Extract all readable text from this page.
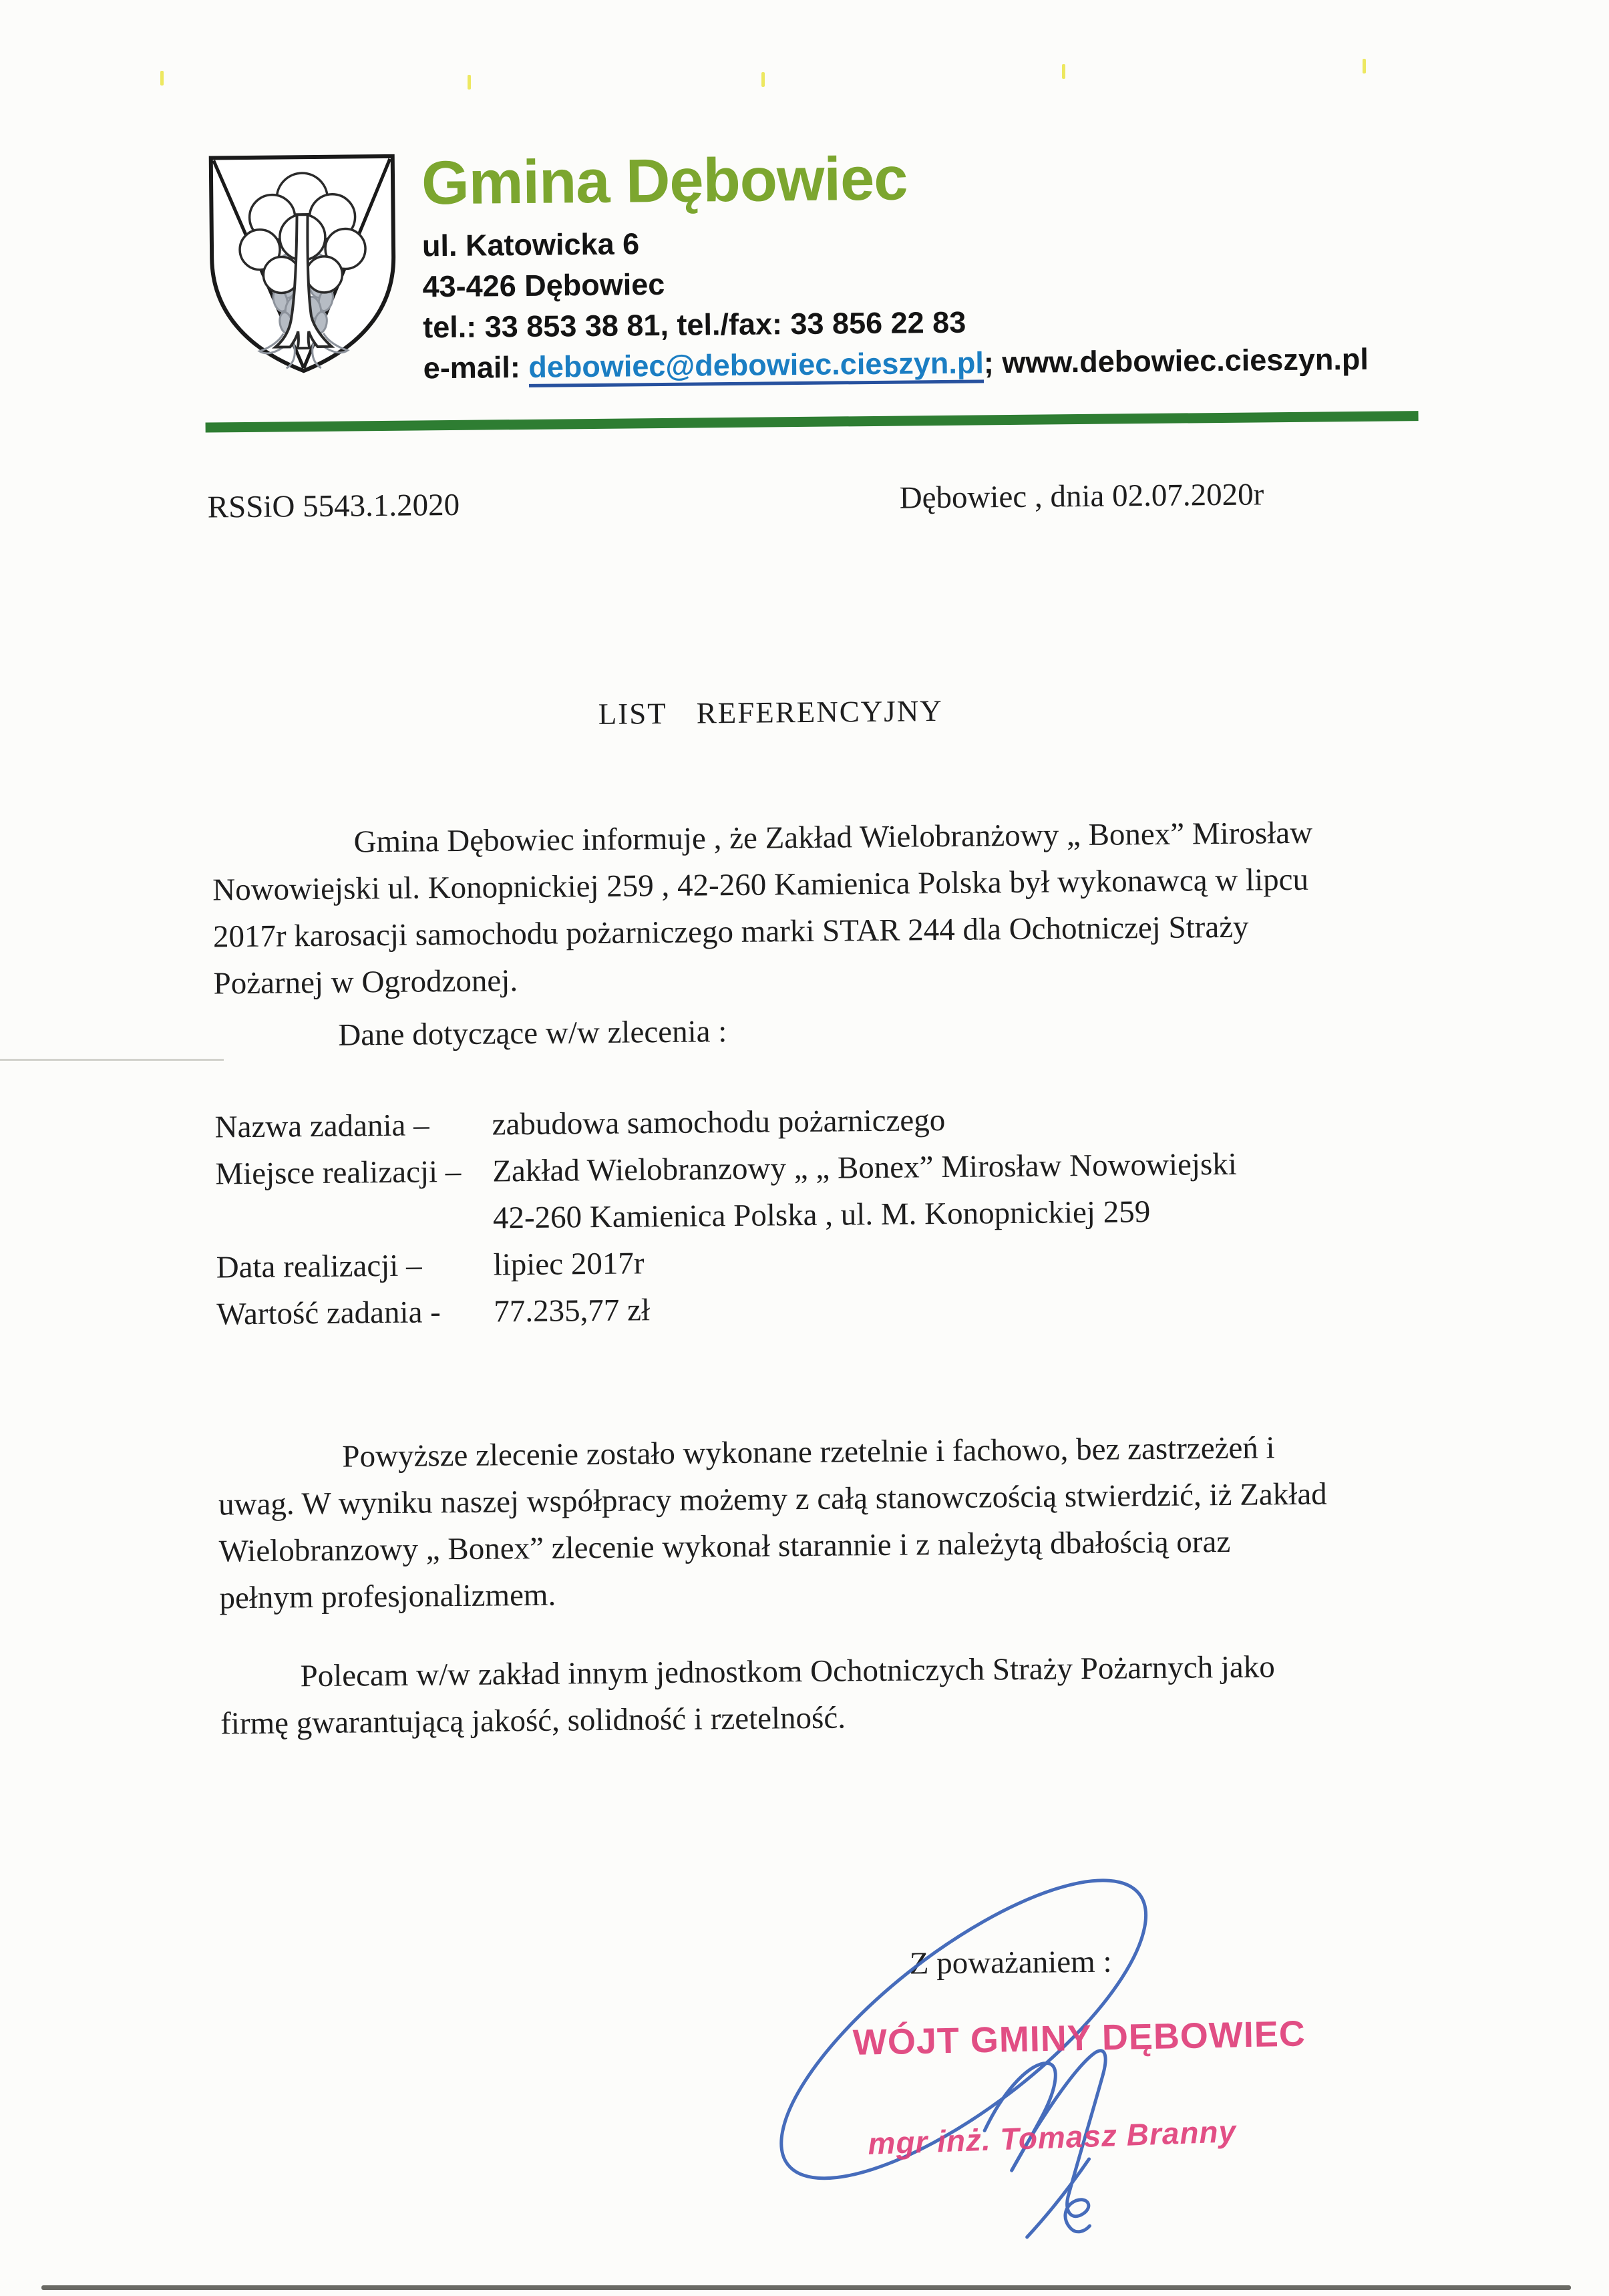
Gmina Dębowiec
ul. Katowicka 6
43-426 Dębowiec
tel.: 33 853 38 81, tel./fax: 33 856 22 83
e-mail: debowiec@debowiec.cieszyn.pl; www.debowiec.cieszyn.pl
RSSiO 5543.1.2020	Dębowiec , dnia 02.07.2020r
LIST REFERENCYJNY

Gmina Dębowiec informuje , że Zakład Wielobranżowy „ Bonex” Mirosław
Nowowiejski ul. Konopnickiej 259 , 42-260 Kamienica Polska był wykonawcą w lipcu
2017r karosacji samochodu pożarniczego marki STAR 244 dla Ochotniczej Straży
Pożarnej w Ogrodzonej.

Dane dotyczące w/w zlecenia :
Nazwa zadania –	zabudowa samochodu pożarniczego
Miejsce realizacji – Zakład Wielobranzowy „ „ Bonex” Mirosław Nowowiejski
42-260 Kamienica Polska , ul. M. Konopnickiej 259
Data realizacji –	lipiec 2017r
Wartość zadania -	77.235,77 zł

Powyższe zlecenie zostało wykonane rzetelnie i fachowo, bez zastrzeżeń i
uwag. W wyniku naszej współpracy możemy z całą stanowczością stwierdzić, iż Zakład
Wielobranzowy „ Bonex” zlecenie wykonał starannie i z należytą dbałością oraz
pełnym profesjonalizmem.

Polecam w/w zakład innym jednostkom Ochotniczych Straży Pożarnych jako
firmę gwarantującą jakość, solidność i rzetelność.

Z poważaniem :
WÓJT GMINY DĘBOWIEC
mgr inż. Tomasz Branny
